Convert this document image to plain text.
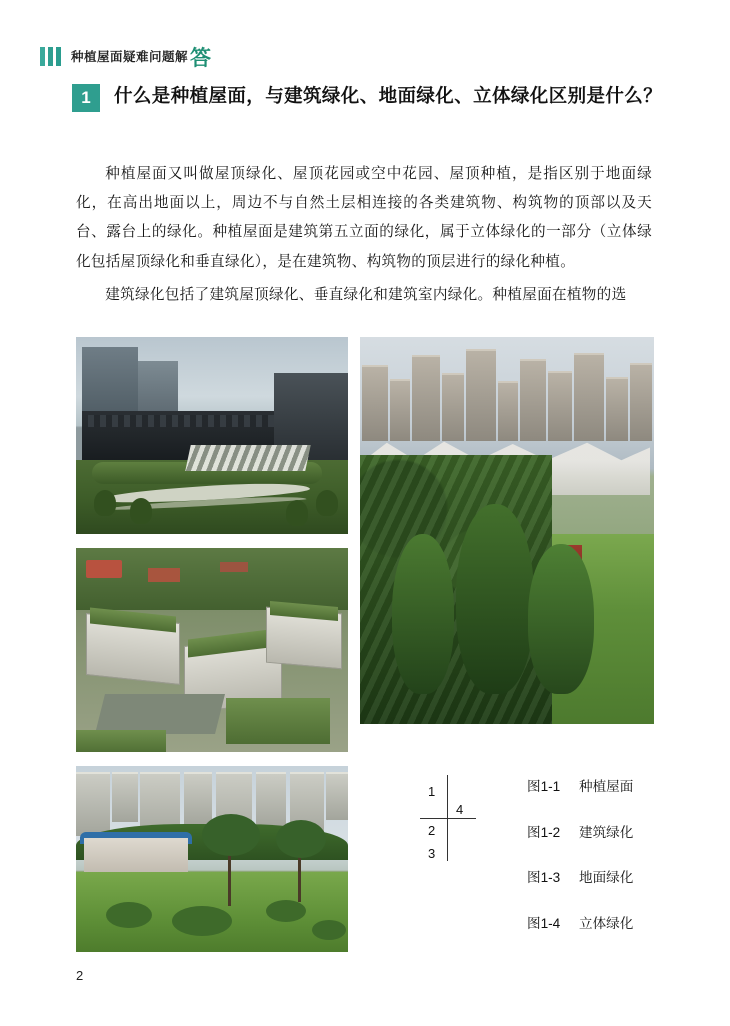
种植屋面疑难问题解 答
1	什么是种植屋面，与建筑绿化、地面绿化、立体绿化区别是什么？

种植屋面又叫做屋顶绿化、屋顶花园或空中花园、屋顶种植，是指区别于地面绿化，在高出地面以上，周边不与自然土层相连接的各类建筑物、构筑物的顶部以及天台、露台上的绿化。种植屋面是建筑第五立面的绿化，属于立体绿化的一部分（立体绿化包括屋顶绿化和垂直绿化），是在建筑物、构筑物的顶层进行的绿化种植。

建筑绿化包括了建筑屋顶绿化、垂直绿化和建筑室内绿化。种植屋面在植物的选

1
2
3
4
图1-1	种植屋面
图1-2	建筑绿化
图1-3	地面绿化
图1-4	立体绿化
2
